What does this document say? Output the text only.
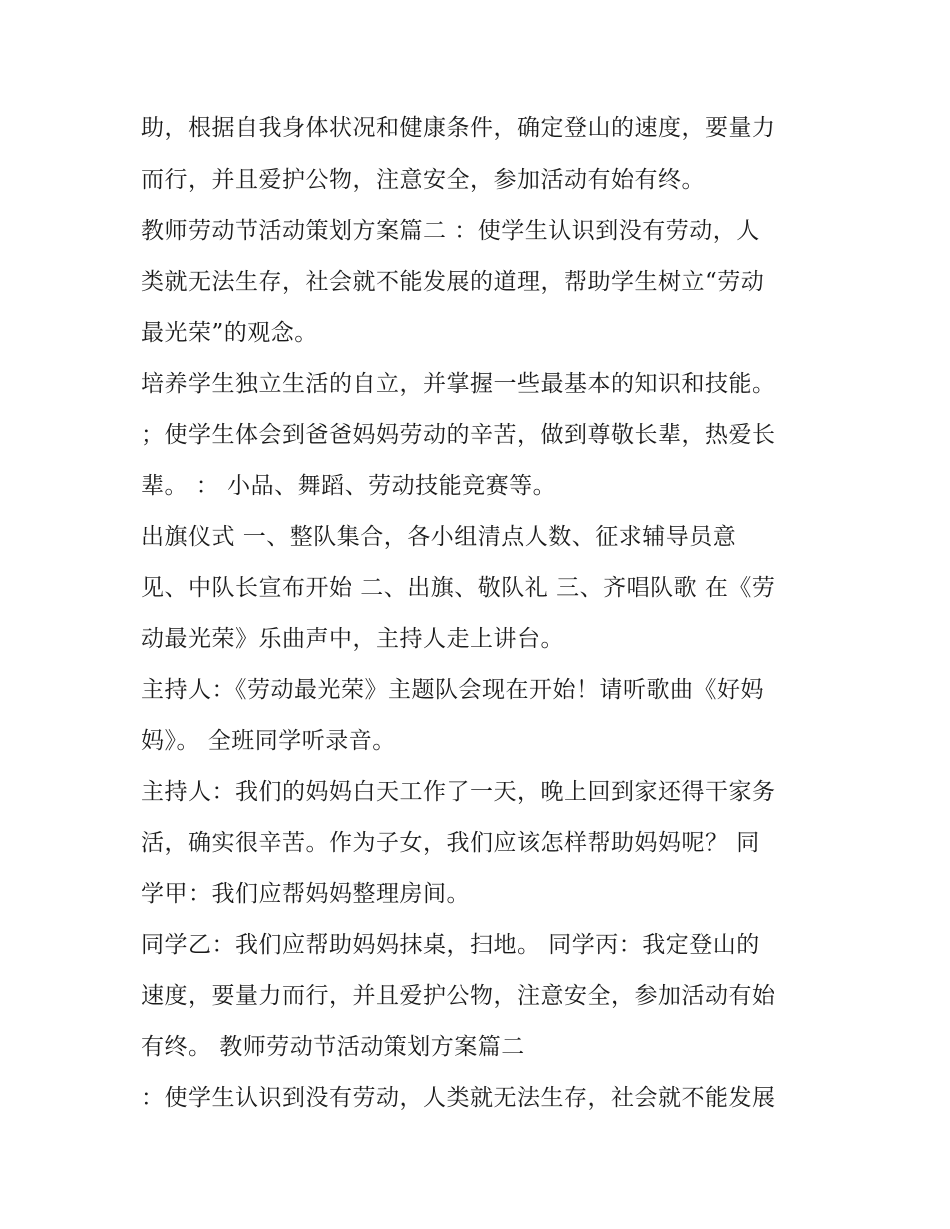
助，根据自我身体状况和健康条件，确定登山的速度，要量力

而行，并且爱护公物，注意安全，参加活动有始有终。

教师劳动节活动策划方案篇二 ：使学生认识到没有劳动，人

类就无法生存，社会就不能发展的道理，帮助学生树立“劳动

最光荣”的观念。

培养学生独立生活的自立，并掌握一些最基本的知识和技能。

；使学生体会到爸爸妈妈劳动的辛苦，做到尊敬长辈，热爱长

辈。 ： 小品、舞蹈、劳动技能竞赛等。

出旗仪式 一、整队集合，各小组清点人数、征求辅导员意

见、中队长宣布开始 二、出旗、敬队礼 三、齐唱队歌 在《劳

动最光荣》乐曲声中，主持人走上讲台。

主持人：《劳动最光荣》主题队会现在开始！请听歌曲《好妈

妈》。 全班同学听录音。

主持人：我们的妈妈白天工作了一天，晚上回到家还得干家务

活，确实很辛苦。作为子女，我们应该怎样帮助妈妈呢？ 同

学甲：我们应帮妈妈整理房间。

同学乙：我们应帮助妈妈抹桌，扫地。 同学丙：我定登山的

速度，要量力而行，并且爱护公物，注意安全，参加活动有始

有终。 教师劳动节活动策划方案篇二

：使学生认识到没有劳动，人类就无法生存，社会就不能发展
